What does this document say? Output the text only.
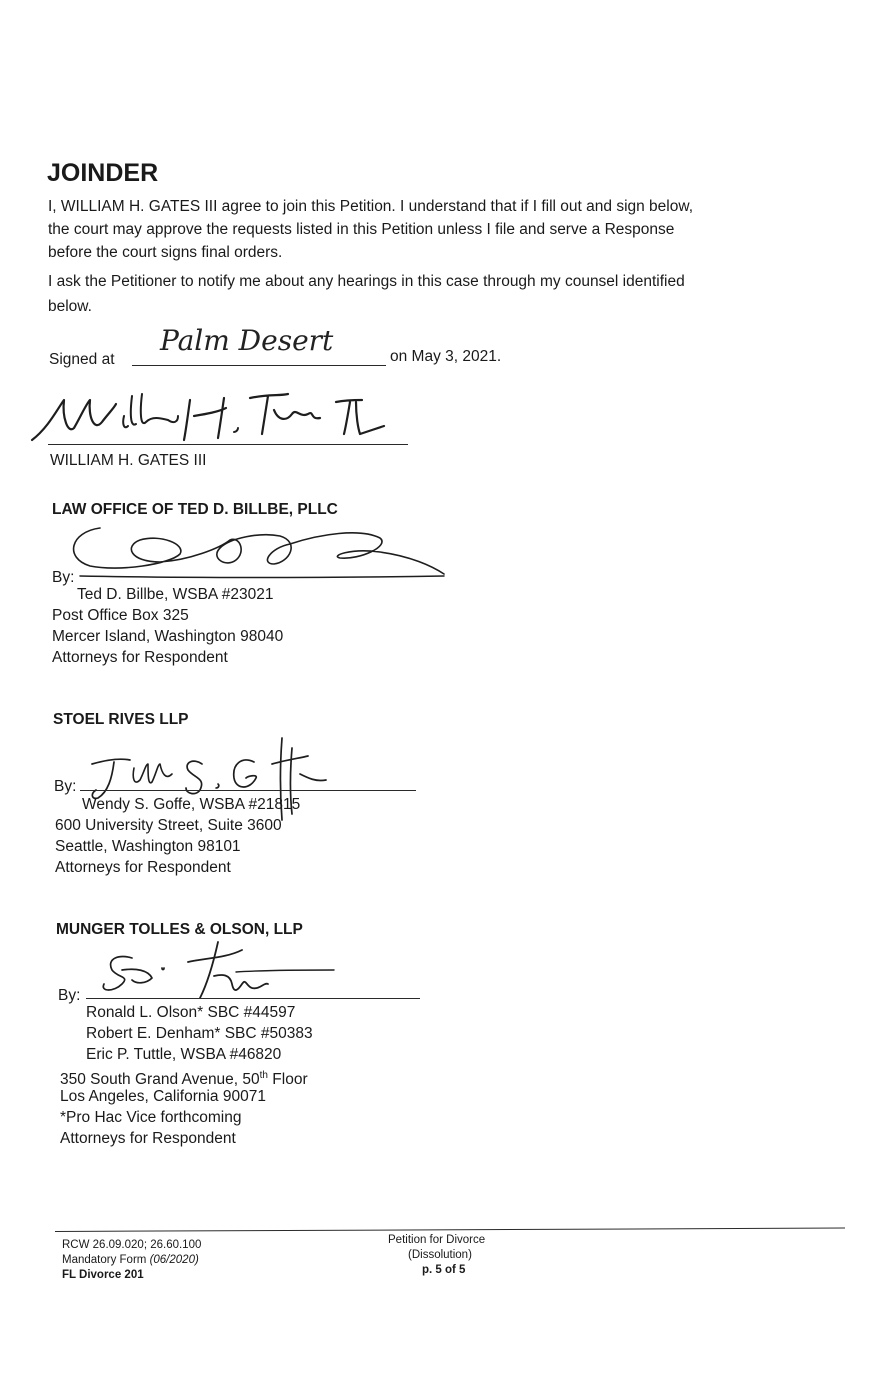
JOINDER
I, WILLIAM H. GATES III agree to join this Petition. I understand that if I fill out and sign below,
the court may approve the requests listed in this Petition unless I file and serve a Response
before the court signs final orders.
I ask the Petitioner to notify me about any hearings in this case through my counsel identified
below.
Signed at
Palm Desert	on May 3, 2021.
WILLIAM H. GATES III
LAW OFFICE OF TED D. BILLBE, PLLC
By:
Ted D. Billbe, WSBA #23021
Post Office Box 325
Mercer Island, Washington 98040
Attorneys for Respondent
STOEL RIVES LLP
By:
Wendy S. Goffe, WSBA #21815
600 University Street, Suite 3600
Seattle, Washington 98101
Attorneys for Respondent
MUNGER TOLLES & OLSON, LLP
By:
Ronald L. Olson* SBC #44597
Robert E. Denham* SBC #50383
Eric P. Tuttle, WSBA #46820
350 South Grand Avenue, 50th Floor
Los Angeles, California 90071
*Pro Hac Vice forthcoming
Attorneys for Respondent
RCW 26.09.020; 26.60.100
Mandatory Form (06/2020)
FL Divorce 201
Petition for Divorce
(Dissolution)
p. 5 of 5
